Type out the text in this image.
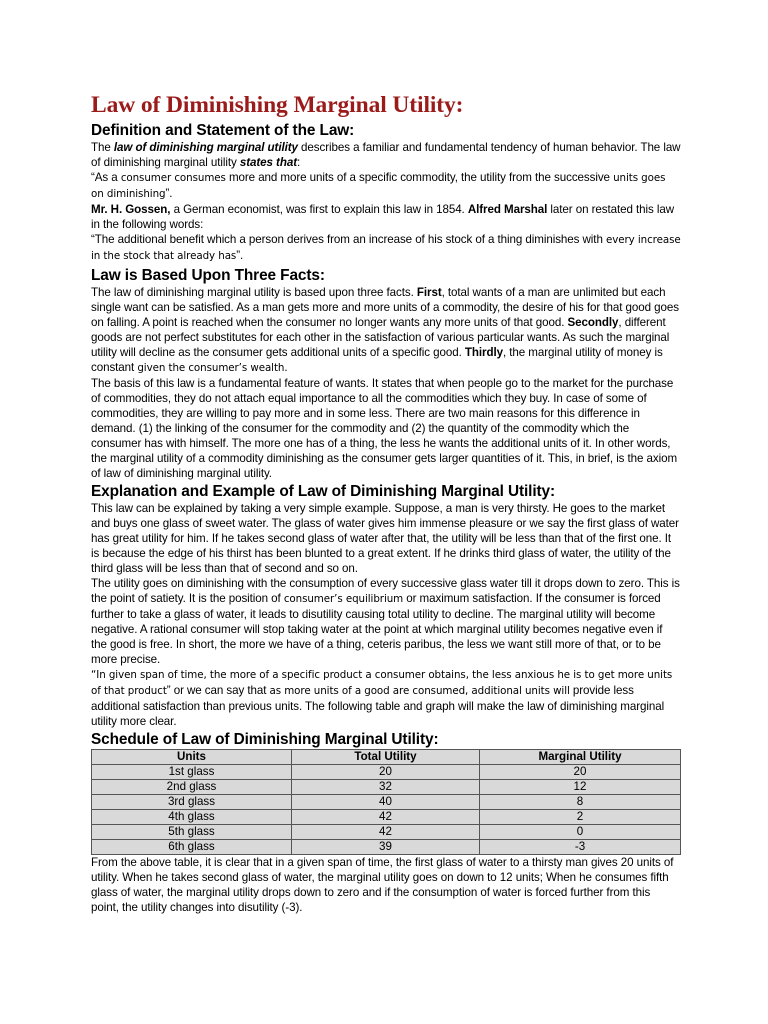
Law of Diminishing Marginal Utility:
Definition and Statement of the Law:

The law of diminishing marginal utility describes a familiar and fundamental tendency of human behavior. The law of diminishing marginal utility states that:

“As a consumer consumes more and more units of a specific commodity, the utility from the successive units goes on diminishing”.

Mr. H. Gossen, a German economist, was first to explain this law in 1854. Alfred Marshal later on restated this law in the following words:

“The additional benefit which a person derives from an increase of his stock of a thing diminishes with every increase in the stock that already has”.

Law is Based Upon Three Facts:

The law of diminishing marginal utility is based upon three facts. First, total wants of a man are unlimited but each single want can be satisfied. As a man gets more and more units of a commodity, the desire of his for that good goes on falling. A point is reached when the consumer no longer wants any more units of that good. Secondly, different goods are not perfect substitutes for each other in the satisfaction of various particular wants. As such the marginal utility will decline as the consumer gets additional units of a specific good. Thirdly, the marginal utility of money is constant given the consumer’s wealth.

The basis of this law is a fundamental feature of wants. It states that when people go to the market for the purchase of commodities, they do not attach equal importance to all the commodities which they buy. In case of some of commodities, they are willing to pay more and in some less. There are two main reasons for this difference in demand. (1) the linking of the consumer for the commodity and (2) the quantity of the commodity which the consumer has with himself. The more one has of a thing, the less he wants the additional units of it. In other words, the marginal utility of a commodity diminishing as the consumer gets larger quantities of it. This, in brief, is the axiom of law of diminishing marginal utility.

Explanation and Example of Law of Diminishing Marginal Utility:

This law can be explained by taking a very simple example. Suppose, a man is very thirsty. He goes to the market and buys one glass of sweet water. The glass of water gives him immense pleasure or we say the first glass of water has great utility for him. If he takes second glass of water after that, the utility will be less than that of the first one. It is because the edge of his thirst has been blunted to a great extent. If he drinks third glass of water, the utility of the third glass will be less than that of second and so on.

The utility goes on diminishing with the consumption of every successive glass water till it drops down to zero. This is the point of satiety. It is the position of consumer’s equilibrium or maximum satisfaction. If the consumer is forced further to take a glass of water, it leads to disutility causing total utility to decline. The marginal utility will become negative. A rational consumer will stop taking water at the point at which marginal utility becomes negative even if the good is free. In short, the more we have of a thing, ceteris paribus, the less we want still more of that, or to be more precise.

“In given span of time, the more of a specific product a consumer obtains, the less anxious he is to get more units of that product” or we can say that as more units of a good are consumed, additional units will provide less additional satisfaction than previous units. The following table and graph will make the law of diminishing marginal utility more clear.

Schedule of Law of Diminishing Marginal Utility:
Units	Total Utility	Marginal Utility
1st glass	20	20
2nd glass	32	12
3rd glass	40	8
4th glass	42	2
5th glass	42	0
6th glass	39	-3

From the above table, it is clear that in a given span of time, the first glass of water to a thirsty man gives 20 units of utility. When he takes second glass of water, the marginal utility goes on down to 12 units; When he consumes fifth glass of water, the marginal utility drops down to zero and if the consumption of water is forced further from this point, the utility changes into disutility (-3).
